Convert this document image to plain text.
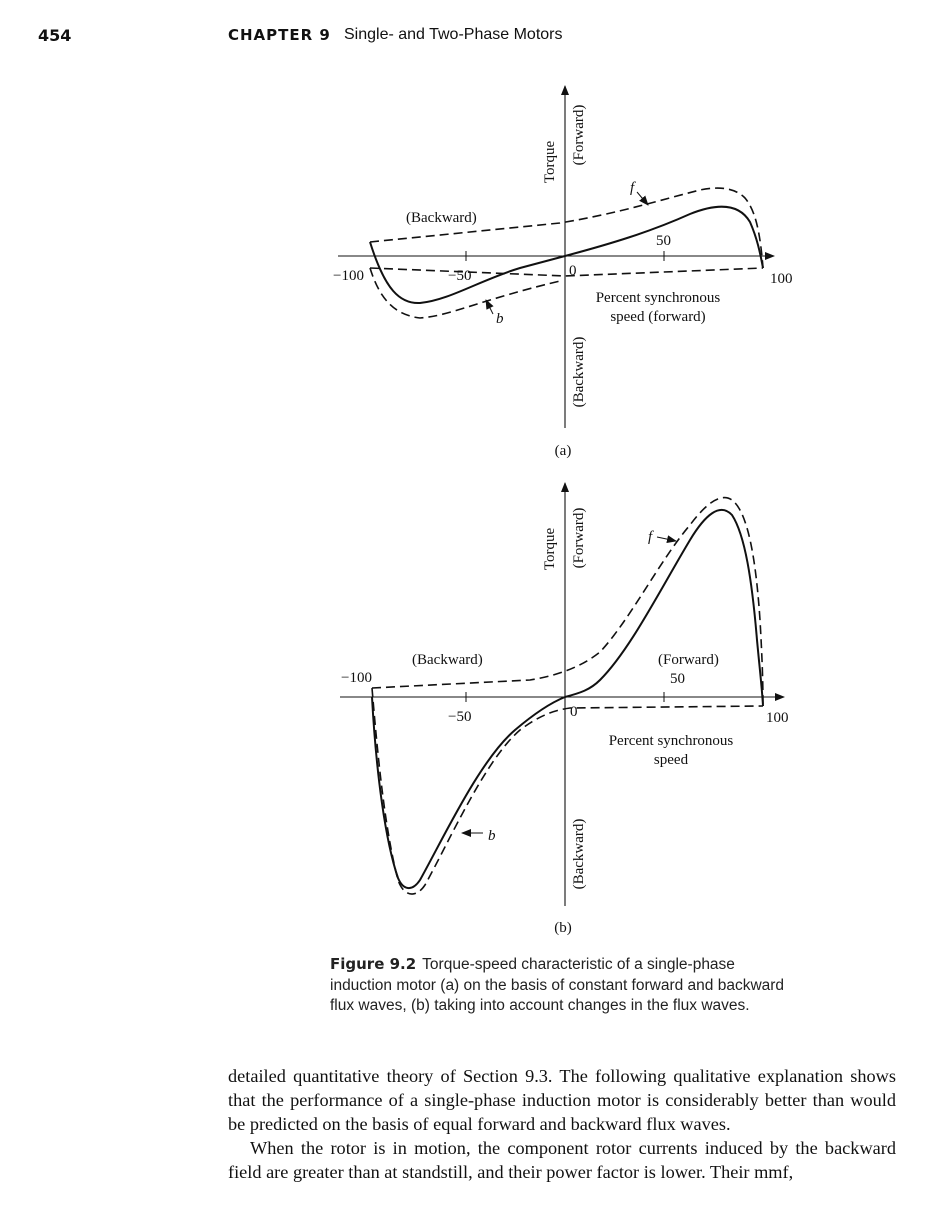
454	CHAPTER 9 Single- and Two-Phase Motors
Torque (Forward)
(Backward)
(Backward)
f
b
50
−50
−100	100
0
Percent synchronous
speed (forward)
(a)
Torque (Forward)
(Backward)
(Backward)	(Forward)
f
b
50
−50
−100
100
0
Percent synchronous
speed
(b)
Figure 9.2 Torque-speed characteristic of a single-phase induction motor (a) on the basis of constant forward and backward flux waves, (b) taking into account changes in the flux waves.

detailed quantitative theory of Section 9.3. The following qualitative explanation shows that the performance of a single-phase induction motor is considerably better than would be predicted on the basis of equal forward and backward flux waves.

When the rotor is in motion, the component rotor currents induced by the backward field are greater than at standstill, and their power factor is lower. Their mmf,
